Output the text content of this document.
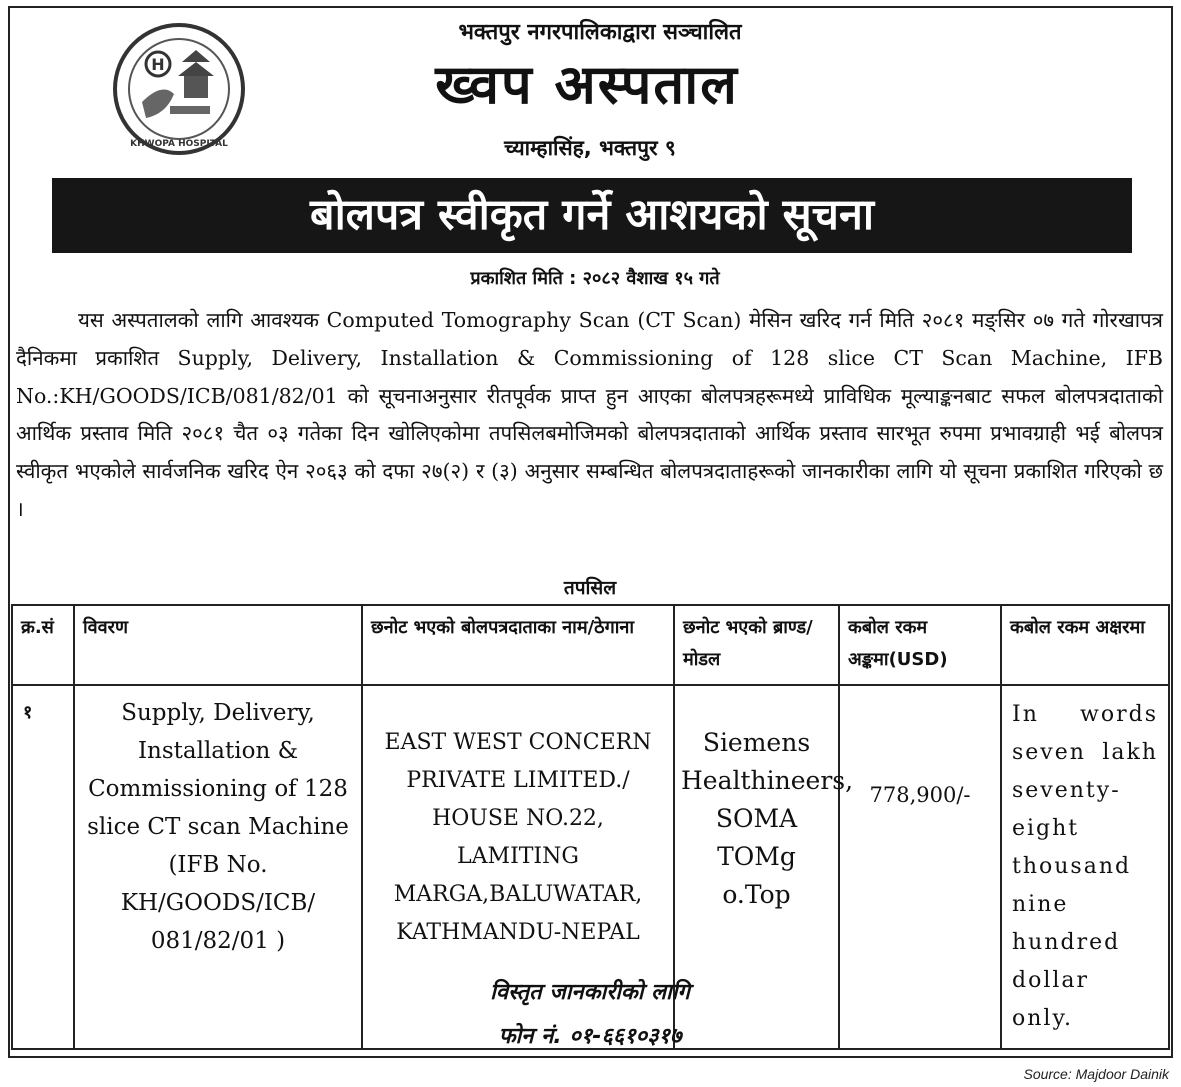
H
KHWOPA HOSPITAL
भक्तपुर नगरपालिकाद्वारा सञ्चालित
ख्वप अस्पताल
च्याम्हासिंह, भक्तपुर ९
बोलपत्र स्वीकृत गर्ने आशयको सूचना
प्रकाशित मिति : २०८२ वैशाख १५ गते
यस अस्पतालको लागि आवश्यक Computed Tomography Scan (CT Scan) मेसिन खरिद गर्न मिति २०८१ मङ्सिर ०७ गते गोरखापत्र दैनिकमा प्रकाशित Supply, Delivery, Installation & Commissioning of 128 slice CT Scan Machine, IFB No.:KH/GOODS/ICB/081/82/01 को सूचनाअनुसार रीतपूर्वक प्राप्त हुन आएका बोलपत्रहरूमध्ये प्राविधिक मूल्याङ्कनबाट सफल बोलपत्रदाताको आर्थिक प्रस्ताव मिति २०८१ चैत ०३ गतेका दिन खोलिएकोमा तपसिलबमोजिमको बोलपत्रदाताको आर्थिक प्रस्ताव सारभूत रुपमा प्रभावग्राही भई बोलपत्र स्वीकृत भएकोले सार्वजनिक खरिद ऐन २०६३ को दफा २७(२) र (३) अनुसार सम्बन्धित बोलपत्रदाताहरूको जानकारीका लागि यो सूचना प्रकाशित गरिएको छ ।
तपसिल
क्र.सं	विवरण	छनोट भएको बोलपत्रदाताका नाम/ठेगाना	छनोट भएको ब्राण्ड/मोडल	कबोल रकम अङ्कमा(USD)	कबोल रकम अक्षरमा
१	Supply, Delivery, Installation & Commissioning of 128 slice CT scan Machine (IFB No. KH/GOODS/ICB/ 081/82/01 )	EAST WEST CONCERN PRIVATE LIMITED./ HOUSE NO.22, LAMITING MARGA,BALUWATAR, KATHMANDU-NEPAL	Siemens Healthineers, SOMA TOMg o.Top	778,900/-	In words seven lakh seventy-eight thousand nine hundred dollar only.
विस्तृत जानकारीको लागि
फोन नं. ०१-६६१०३१७
Source: Majdoor Dainik
